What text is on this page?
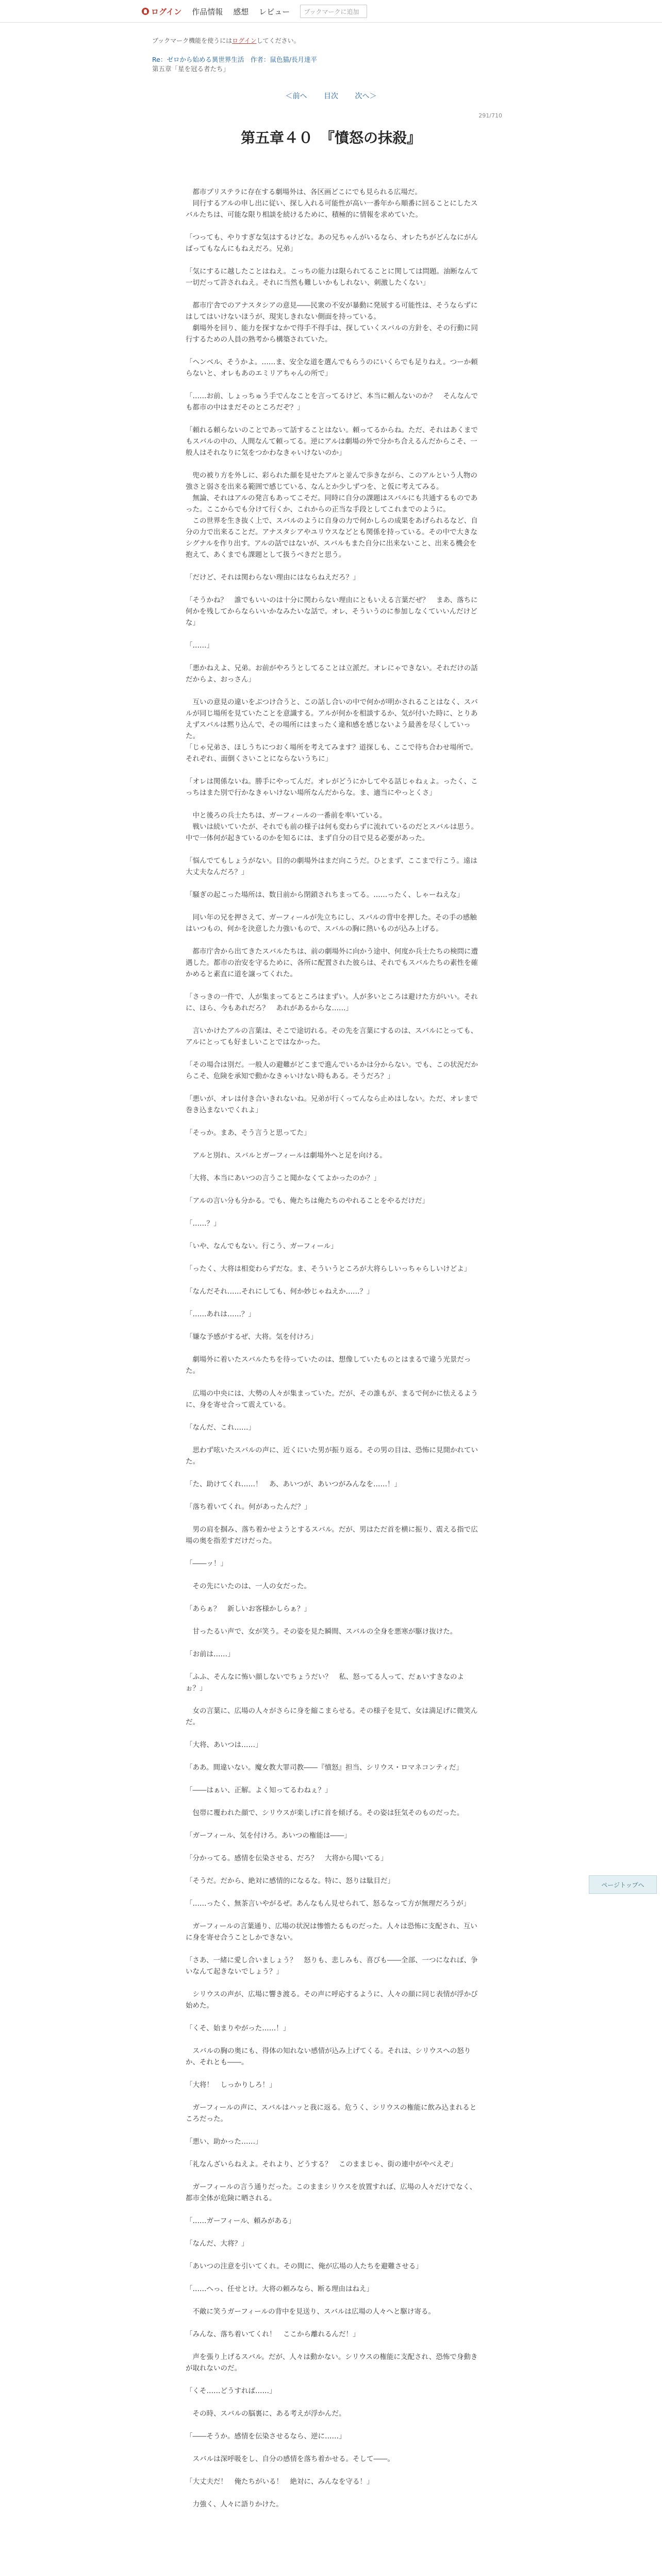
ログイン 作品情報 感想 レビュー	ブックマークに追加
ブックマーク機能を使うにはログインしてください。
Re：ゼロから始める異世界生活　作者：鼠色猫/長月達平
第五章「星を冠る者たち」
＜前へ 目次 次へ＞
291/710
第五章４０　『憤怒の抹殺』

　都市プリステラに存在する劇場外は、各区画どこにでも見られる広場だ。

　同行するアルの申し出に従い、探し入れる可能性が高い一番年から順番に回ることにしたスバルたちは、可能な限り相談を続けるために、積極的に情報を求めていた。

「つっても、やりすぎな気はするけどな。あの兄ちゃんがいるなら、オレたちがどんなにがんばってもなんにもねえだろ。兄弟」

「気にするに越したことはねえ。こっちの能力は限られてることに関しては問題。油断なんて一切だって許されねえ。それに当然も難しいかもしれない、刺激したくない」

　都市庁舎でのアナスタシアの意見――民衆の不安が暴動に発展する可能性は、そうならずにはしてはいけないほうが、現実しきれない側面を持っている。

　劇場外を回り、能力を探すなかで得手不得手は、探していくスバルの方針を、その行動に同行するための人員の熟考から構築されていた。

「ヘンベル、そうかよ。……ま、安全な道を選んでもらうのにいくらでも足りねえ。つーか頼らないと、オレもあのエミリアちゃんの所で」

「……お前、しょっちゅう手でんなことを言ってるけど、本当に頼んないのか？　そんなんでも都市の中はまだそのところだぞ？」

「頼れる頼らないのことであって話することはない。頼ってるからね。ただ、それはあくまでもスバルの中の、人間なんて頼ってる。逆にアルは劇場の外で分かち合えるんだからこそ、一般人はそれなりに気をつかわなきゃいけないのか」

　兜の被り方を外しに、彩られた顔を見せたアルと並んで歩きながら、このアルという人物の強さと弱さを出来る範囲で感じている、なんとか少しずつを、と仮に考えてみる。

　無論、それはアルの発言もあってこそだ。同時に自分の課題はスバルにも共通するものであった。ここからでも分けて行くか、これからの正当な手段としてこれまでのように。

　この世界を生き抜く上で、スバルのように自身の力で何かしらの成果をあげられるなど、自分の力で出来ることだ。アナスタシアやユリウスなどとも関係を持っている。その中で大きなシグナルを作り出す。アルの話ではないが、スバルもまた自分に出来ないこと、出来る機会を抱えて、あくまでも課題として扱うべきだと思う。

「だけど、それは関わらない理由にはならねえだろ？」

「そうかね？　誰でもいいのは十分に関わらない理由にともいえる言葉だぜ？　まあ、落ちに何かを残してからならいいかなみたいな話で。オレ、そういうのに参加しなくていいんだけどな」

「……」

「悪かねえよ、兄弟。お前がやろうとしてることは立派だ。オレにゃできない。それだけの話だからよ、おっさん」

　互いの意見の違いをぶつけ合うと、この話し合いの中で何かが明かされることはなく、スバルが同じ場所を見ていたことを意識する。アルが何かを相談するか、気が付いた時に、とりあえずスバルは黙り込んで、その場所にはまったく違和感を感じないよう最善を尽くしていった。

「じゃ兄弟さ、ほしうちにつおく場所を考えてみます？道探しも、ここで待ち合わせ場所で。それぞれ、面倒くさいことにならないうちに」

「オレは関係ないね。勝手にやってんだ。オレがどうにかしてやる話じゃねぇよ。ったく、こっちはまた別で行かなきゃいけない場所なんだからな。ま、適当にやっとくさ」

　中と後ろの兵士たちは、ガーフィールの一番前を率いている。

　戦いは続いていたが、それでも前の様子は何も変わらずに流れているのだとスバルは思う。中で一体何が起きているのかを知るには、まず自分の目で見る必要があった。

「悩んでてもしょうがない。目的の劇場外はまだ向こうだ。ひとまず、ここまで行こう。遠は大丈夫なんだろ？」

「騒ぎの起こった場所は、数日前から閉鎖されちまってる。……ったく、しゃーねえな」

　同い年の兄を押さえて、ガーフィールが先立ちにし、スバルの背中を押した。その手の感触はいつもの、何かを決意した力強いもので、スバルの胸に熱いものが込み上げる。

　都市庁舎から出てきたスバルたちは、前の劇場外に向かう途中、何度か兵士たちの検問に遭遇した。都市の治安を守るために、各所に配置された彼らは、それでもスバルたちの素性を確かめると素直に道を譲ってくれた。

「さっきの一件で、人が集まってるところはまずい。人が多いところは避けた方がいい。それに、ほら、今もあれだろ？　あれがあるからな……」

　言いかけたアルの言葉は、そこで途切れる。その先を言葉にするのは、スバルにとっても、アルにとっても好ましいことではなかった。

「その場合は別だ。一般人の避難がどこまで進んでいるかは分からない。でも、この状況だからこそ、危険を承知で動かなきゃいけない時もある。そうだろ？」

「悪いが、オレは付き合いきれないね。兄弟が行くってんなら止めはしない。ただ、オレまで巻き込まないでくれよ」

「そっか。まあ、そう言うと思ってた」

　アルと別れ、スバルとガーフィールは劇場外へと足を向ける。

「大将、本当にあいつの言うこと聞かなくてよかったのか？」

「アルの言い分も分かる。でも、俺たちは俺たちのやれることをやるだけだ」

「……？」

「いや、なんでもない。行こう、ガーフィール」

「ったく、大将は相変わらずだな。ま、そういうところが大将らしいっちゃらしいけどよ」

「なんだそれ……それにしても、何か妙じゃねえか……？」

「……あれは……？」

「嫌な予感がするぜ、大将。気を付けろ」

　劇場外に着いたスバルたちを待っていたのは、想像していたものとはまるで違う光景だった。

　広場の中央には、大勢の人々が集まっていた。だが、その誰もが、まるで何かに怯えるように、身を寄せ合って震えている。

「なんだ、これ……」

　思わず呟いたスバルの声に、近くにいた男が振り返る。その男の目は、恐怖に見開かれていた。

「た、助けてくれ……！　あ、あいつが、あいつがみんなを……！」

「落ち着いてくれ。何があったんだ？」

　男の肩を掴み、落ち着かせようとするスバル。だが、男はただ首を横に振り、震える指で広場の奥を指差すだけだった。

「――ッ！」

　その先にいたのは、一人の女だった。

「あらぁ？　新しいお客様かしらぁ？」

　甘ったるい声で、女が笑う。その姿を見た瞬間、スバルの全身を悪寒が駆け抜けた。

「お前は……」

「ふふ、そんなに怖い顔しないでちょうだい？　私、怒ってる人って、だぁいすきなのよぉ？」

　女の言葉に、広場の人々がさらに身を縮こまらせる。その様子を見て、女は満足げに微笑んだ。

「大将、あいつは……」

「ああ。間違いない。魔女教大罪司教――『憤怒』担当、シリウス・ロマネコンティだ」

「――はぁい、正解。よく知ってるわねぇ？」

　包帯に覆われた顔で、シリウスが楽しげに首を傾げる。その姿は狂気そのものだった。

「ガーフィール、気を付けろ。あいつの権能は――」

「分かってる。感情を伝染させる、だろ？　大将から聞いてる」

「そうだ。だから、絶対に感情的になるな。特に、怒りは駄目だ」

「……ったく、無茶言いやがるぜ。あんなもん見せられて、怒るなって方が無理だろうが」

　ガーフィールの言葉通り、広場の状況は惨憺たるものだった。人々は恐怖に支配され、互いに身を寄せ合うことしかできない。

「さあ、一緒に愛し合いましょう？　怒りも、悲しみも、喜びも――全部、一つになれば、争いなんて起きないでしょう？」

　シリウスの声が、広場に響き渡る。その声に呼応するように、人々の顔に同じ表情が浮かび始めた。

「くそ、始まりやがった……！」

　スバルの胸の奥にも、得体の知れない感情が込み上げてくる。それは、シリウスへの怒りか、それとも――。

「大将！　しっかりしろ！」

　ガーフィールの声に、スバルはハッと我に返る。危うく、シリウスの権能に飲み込まれるところだった。

「悪い、助かった……」

「礼なんざいらねえよ。それより、どうする？　このままじゃ、街の連中がやべえぞ」

　ガーフィールの言う通りだった。このままシリウスを放置すれば、広場の人々だけでなく、都市全体が危険に晒される。

「……ガーフィール、頼みがある」

「なんだ、大将？」

「あいつの注意を引いてくれ。その間に、俺が広場の人たちを避難させる」

「……へっ、任せとけ。大将の頼みなら、断る理由はねえ」

　不敵に笑うガーフィールの背中を見送り、スバルは広場の人々へと駆け寄る。

「みんな、落ち着いてくれ！　ここから離れるんだ！」

　声を張り上げるスバル。だが、人々は動かない。シリウスの権能に支配され、恐怖で身動きが取れないのだ。

「くそ……どうすれば……」

　その時、スバルの脳裏に、ある考えが浮かんだ。

「――そうか。感情を伝染させるなら、逆に……」

　スバルは深呼吸をし、自分の感情を落ち着かせる。そして――。

「大丈夫だ！　俺たちがいる！　絶対に、みんなを守る！」

　力強く、人々に語りかけた。

ページトップへ
